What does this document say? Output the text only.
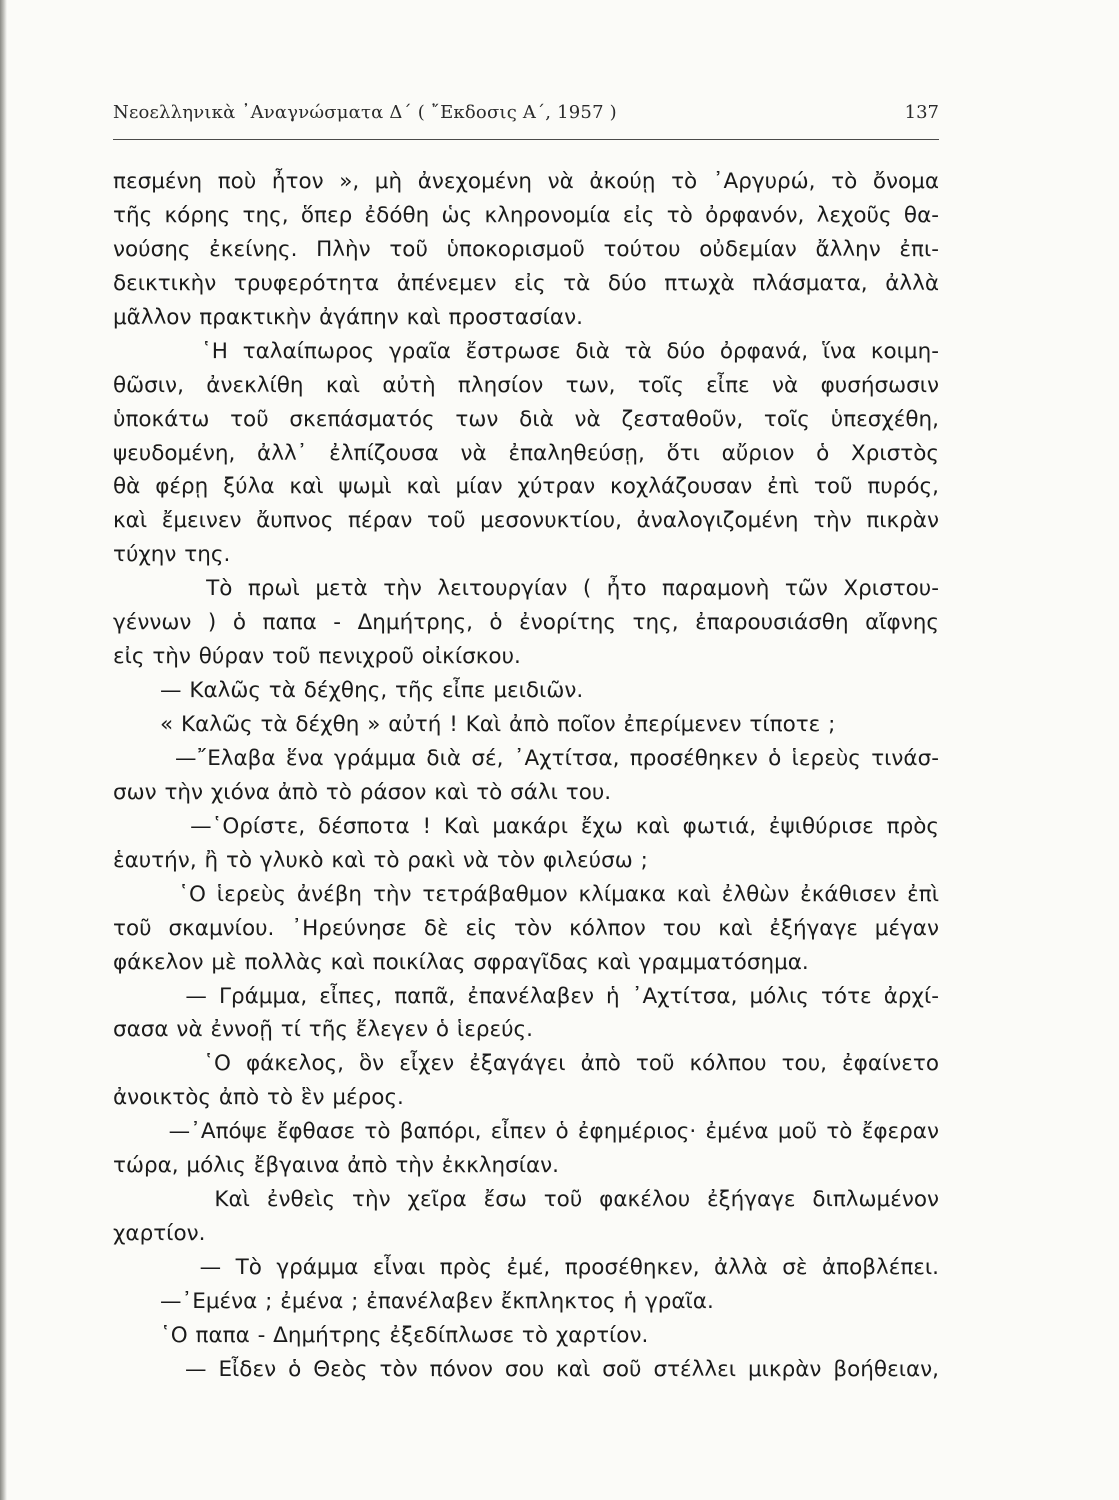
Νεοελληνικὰ ᾿Αναγνώσματα Δ΄ ( ῎Εκδοσις Α΄, 1957 )	137
πεσμένη ποὺ ἦτον », μὴ ἀνεχομένη νὰ ἀκούῃ τὸ ᾿Αργυρώ, τὸ ὄνομα
τῆς κόρης της, ὅπερ ἐδόθη ὡς κληρονομία εἰς τὸ ὀρφανόν, λεχοῦς θα-
νούσης ἐκείνης. Πλὴν τοῦ ὑποκορισμοῦ τούτου οὐδεμίαν ἄλλην ἐπι-
δεικτικὴν τρυφερότητα ἀπένεμεν εἰς τὰ δύο πτωχὰ πλάσματα, ἀλλὰ
μᾶλλον πρακτικὴν ἀγάπην καὶ προστασίαν.
῾Η ταλαίπωρος γραῖα ἔστρωσε διὰ τὰ δύο ὀρφανά, ἵνα κοιμη-
θῶσιν, ἀνεκλίθη καὶ αὐτὴ πλησίον των, τοῖς εἶπε νὰ φυσήσωσιν
ὑποκάτω τοῦ σκεπάσματός των διὰ νὰ ζεσταθοῦν, τοῖς ὑπεσχέθη,
ψευδομένη, ἀλλ᾿ ἐλπίζουσα νὰ ἐπαληθεύσῃ, ὅτι αὔριον ὁ Χριστὸς
θὰ φέρῃ ξύλα καὶ ψωμὶ καὶ μίαν χύτραν κοχλάζουσαν ἐπὶ τοῦ πυρός,
καὶ ἔμεινεν ἄυπνος πέραν τοῦ μεσονυκτίου, ἀναλογιζομένη τὴν πικρὰν
τύχην της.
Τὸ πρωὶ μετὰ τὴν λειτουργίαν ( ἦτο παραμονὴ τῶν Χριστου-
γέννων ) ὁ παπα - Δημήτρης, ὁ ἐνορίτης της, ἐπαρουσιάσθη αἴφνης
εἰς τὴν θύραν τοῦ πενιχροῦ οἰκίσκου.
— Καλῶς τὰ δέχθης, τῆς εἶπε μειδιῶν.
« Καλῶς τὰ δέχθη » αὐτή ! Καὶ ἀπὸ ποῖον ἐπερίμενεν τίποτε ;
—῎Ελαβα ἕνα γράμμα διὰ σέ, ᾿Αχτίτσα, προσέθηκεν ὁ ἱερεὺς τινάσ-
σων τὴν χιόνα ἀπὸ τὸ ράσον καὶ τὸ σάλι του.
—῾Ορίστε, δέσποτα ! Καὶ μακάρι ἔχω καὶ φωτιά, ἐψιθύρισε πρὸς
ἑαυτήν, ἢ τὸ γλυκὸ καὶ τὸ ρακὶ νὰ τὸν φιλεύσω ;
῾Ο ἱερεὺς ἀνέβη τὴν τετράβαθμον κλίμακα καὶ ἐλθὼν ἐκάθισεν ἐπὶ
τοῦ σκαμνίου. ᾿Ηρεύνησε δὲ εἰς τὸν κόλπον του καὶ ἐξήγαγε μέγαν
φάκελον μὲ πολλὰς καὶ ποικίλας σφραγῖδας καὶ γραμματόσημα.
— Γράμμα, εἶπες, παπᾶ, ἐπανέλαβεν ἡ ᾿Αχτίτσα, μόλις τότε ἀρχί-
σασα νὰ ἐννοῇ τί τῆς ἔλεγεν ὁ ἱερεύς.
῾Ο φάκελος, ὃν εἶχεν ἐξαγάγει ἀπὸ τοῦ κόλπου του, ἐφαίνετο
ἀνοικτὸς ἀπὸ τὸ ἓν μέρος.
—᾿Απόψε ἔφθασε τὸ βαπόρι, εἶπεν ὁ ἐφημέριος· ἐμένα μοῦ τὸ ἔφεραν
τώρα, μόλις ἔβγαινα ἀπὸ τὴν ἐκκλησίαν.
Καὶ ἐνθεὶς τὴν χεῖρα ἔσω τοῦ φακέλου ἐξήγαγε διπλωμένον
χαρτίον.
— Τὸ γράμμα εἶναι πρὸς ἐμέ, προσέθηκεν, ἀλλὰ σὲ ἀποβλέπει.
—᾿Εμένα ; ἐμένα ; ἐπανέλαβεν ἔκπληκτος ἡ γραῖα.
῾Ο παπα - Δημήτρης ἐξεδίπλωσε τὸ χαρτίον.
— Εἶδεν ὁ Θεὸς τὸν πόνον σου καὶ σοῦ στέλλει μικρὰν βοήθειαν,
